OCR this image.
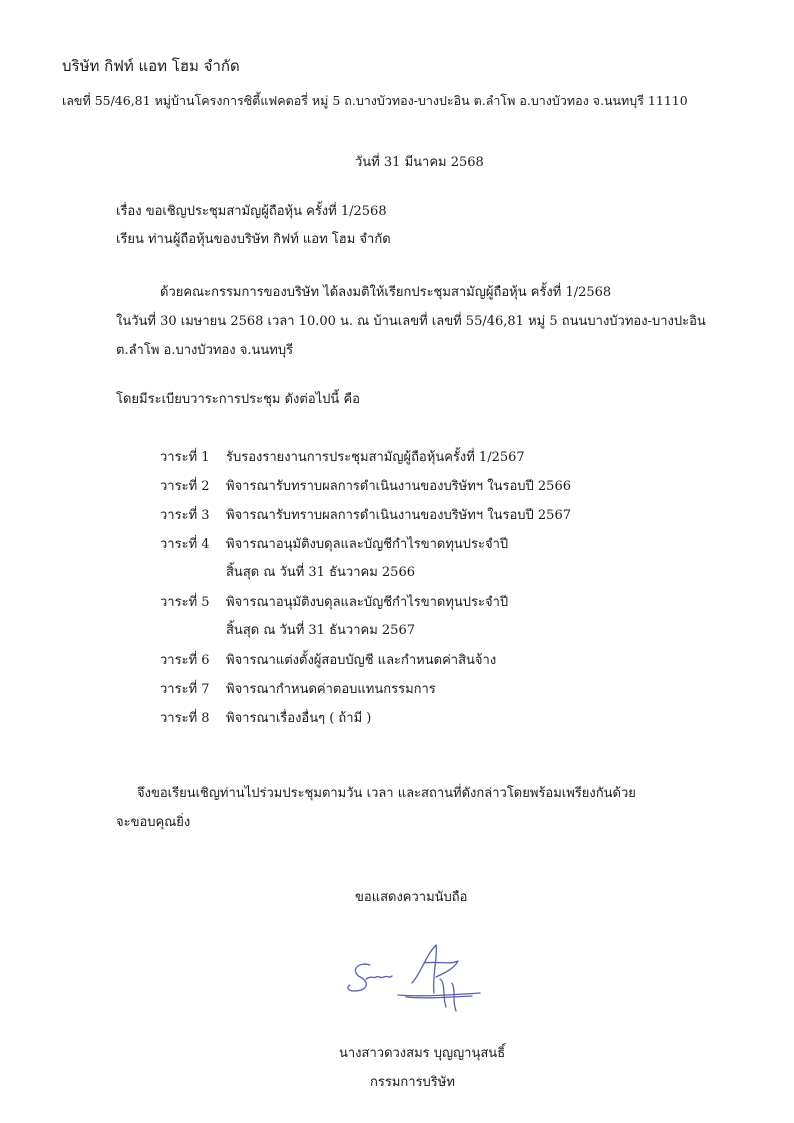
บริษัท กิฟท์ แอท โฮม จำกัด
เลขที่ 55/46,81 หมู่บ้านโครงการซิตี้แฟคตอรี่ หมู่ 5 ถ.บางบัวทอง-บางปะอิน ต.ลำโพ อ.บางบัวทอง จ.นนทบุรี 11110
วันที่ 31 มีนาคม 2568
เรื่อง ขอเชิญประชุมสามัญผู้ถือหุ้น ครั้งที่ 1/2568
เรียน ท่านผู้ถือหุ้นของบริษัท กิฟท์ แอท โฮม จำกัด
ด้วยคณะกรรมการของบริษัท ได้ลงมติให้เรียกประชุมสามัญผู้ถือหุ้น ครั้งที่ 1/2568
ในวันที่ 30 เมษายน 2568 เวลา 10.00 น. ณ บ้านเลขที่ เลขที่ 55/46,81 หมู่ 5 ถนนบางบัวทอง-บางปะอิน
ต.ลำโพ อ.บางบัวทอง จ.นนทบุรี
โดยมีระเบียบวาระการประชุม ดังต่อไปนี้ คือ
วาระที่ 1 รับรองรายงานการประชุมสามัญผู้ถือหุ้นครั้งที่ 1/2567
วาระที่ 2 พิจารณารับทราบผลการดำเนินงานของบริษัทฯ ในรอบปี 2566
วาระที่ 3 พิจารณารับทราบผลการดำเนินงานของบริษัทฯ ในรอบปี 2567
วาระที่ 4 พิจารณาอนุมัติงบดุลและบัญชีกำไรขาดทุนประจำปี
สิ้นสุด ณ วันที่ 31 ธันวาคม 2566
วาระที่ 5 พิจารณาอนุมัติงบดุลและบัญชีกำไรขาดทุนประจำปี
สิ้นสุด ณ วันที่ 31 ธันวาคม 2567
วาระที่ 6 พิจารณาแต่งตั้งผู้สอบบัญชี และกำหนดค่าสินจ้าง
วาระที่ 7 พิจารณากำหนดค่าตอบแทนกรรมการ
วาระที่ 8 พิจารณาเรื่องอื่นๆ ( ถ้ามี )
จึงขอเรียนเชิญท่านไปร่วมประชุมตามวัน เวลา และสถานที่ดังกล่าวโดยพร้อมเพรียงกันด้วย
จะขอบคุณยิ่ง
ขอแสดงความนับถือ
นางสาวดวงสมร บุญญานุสนธิ์
กรรมการบริษัท
